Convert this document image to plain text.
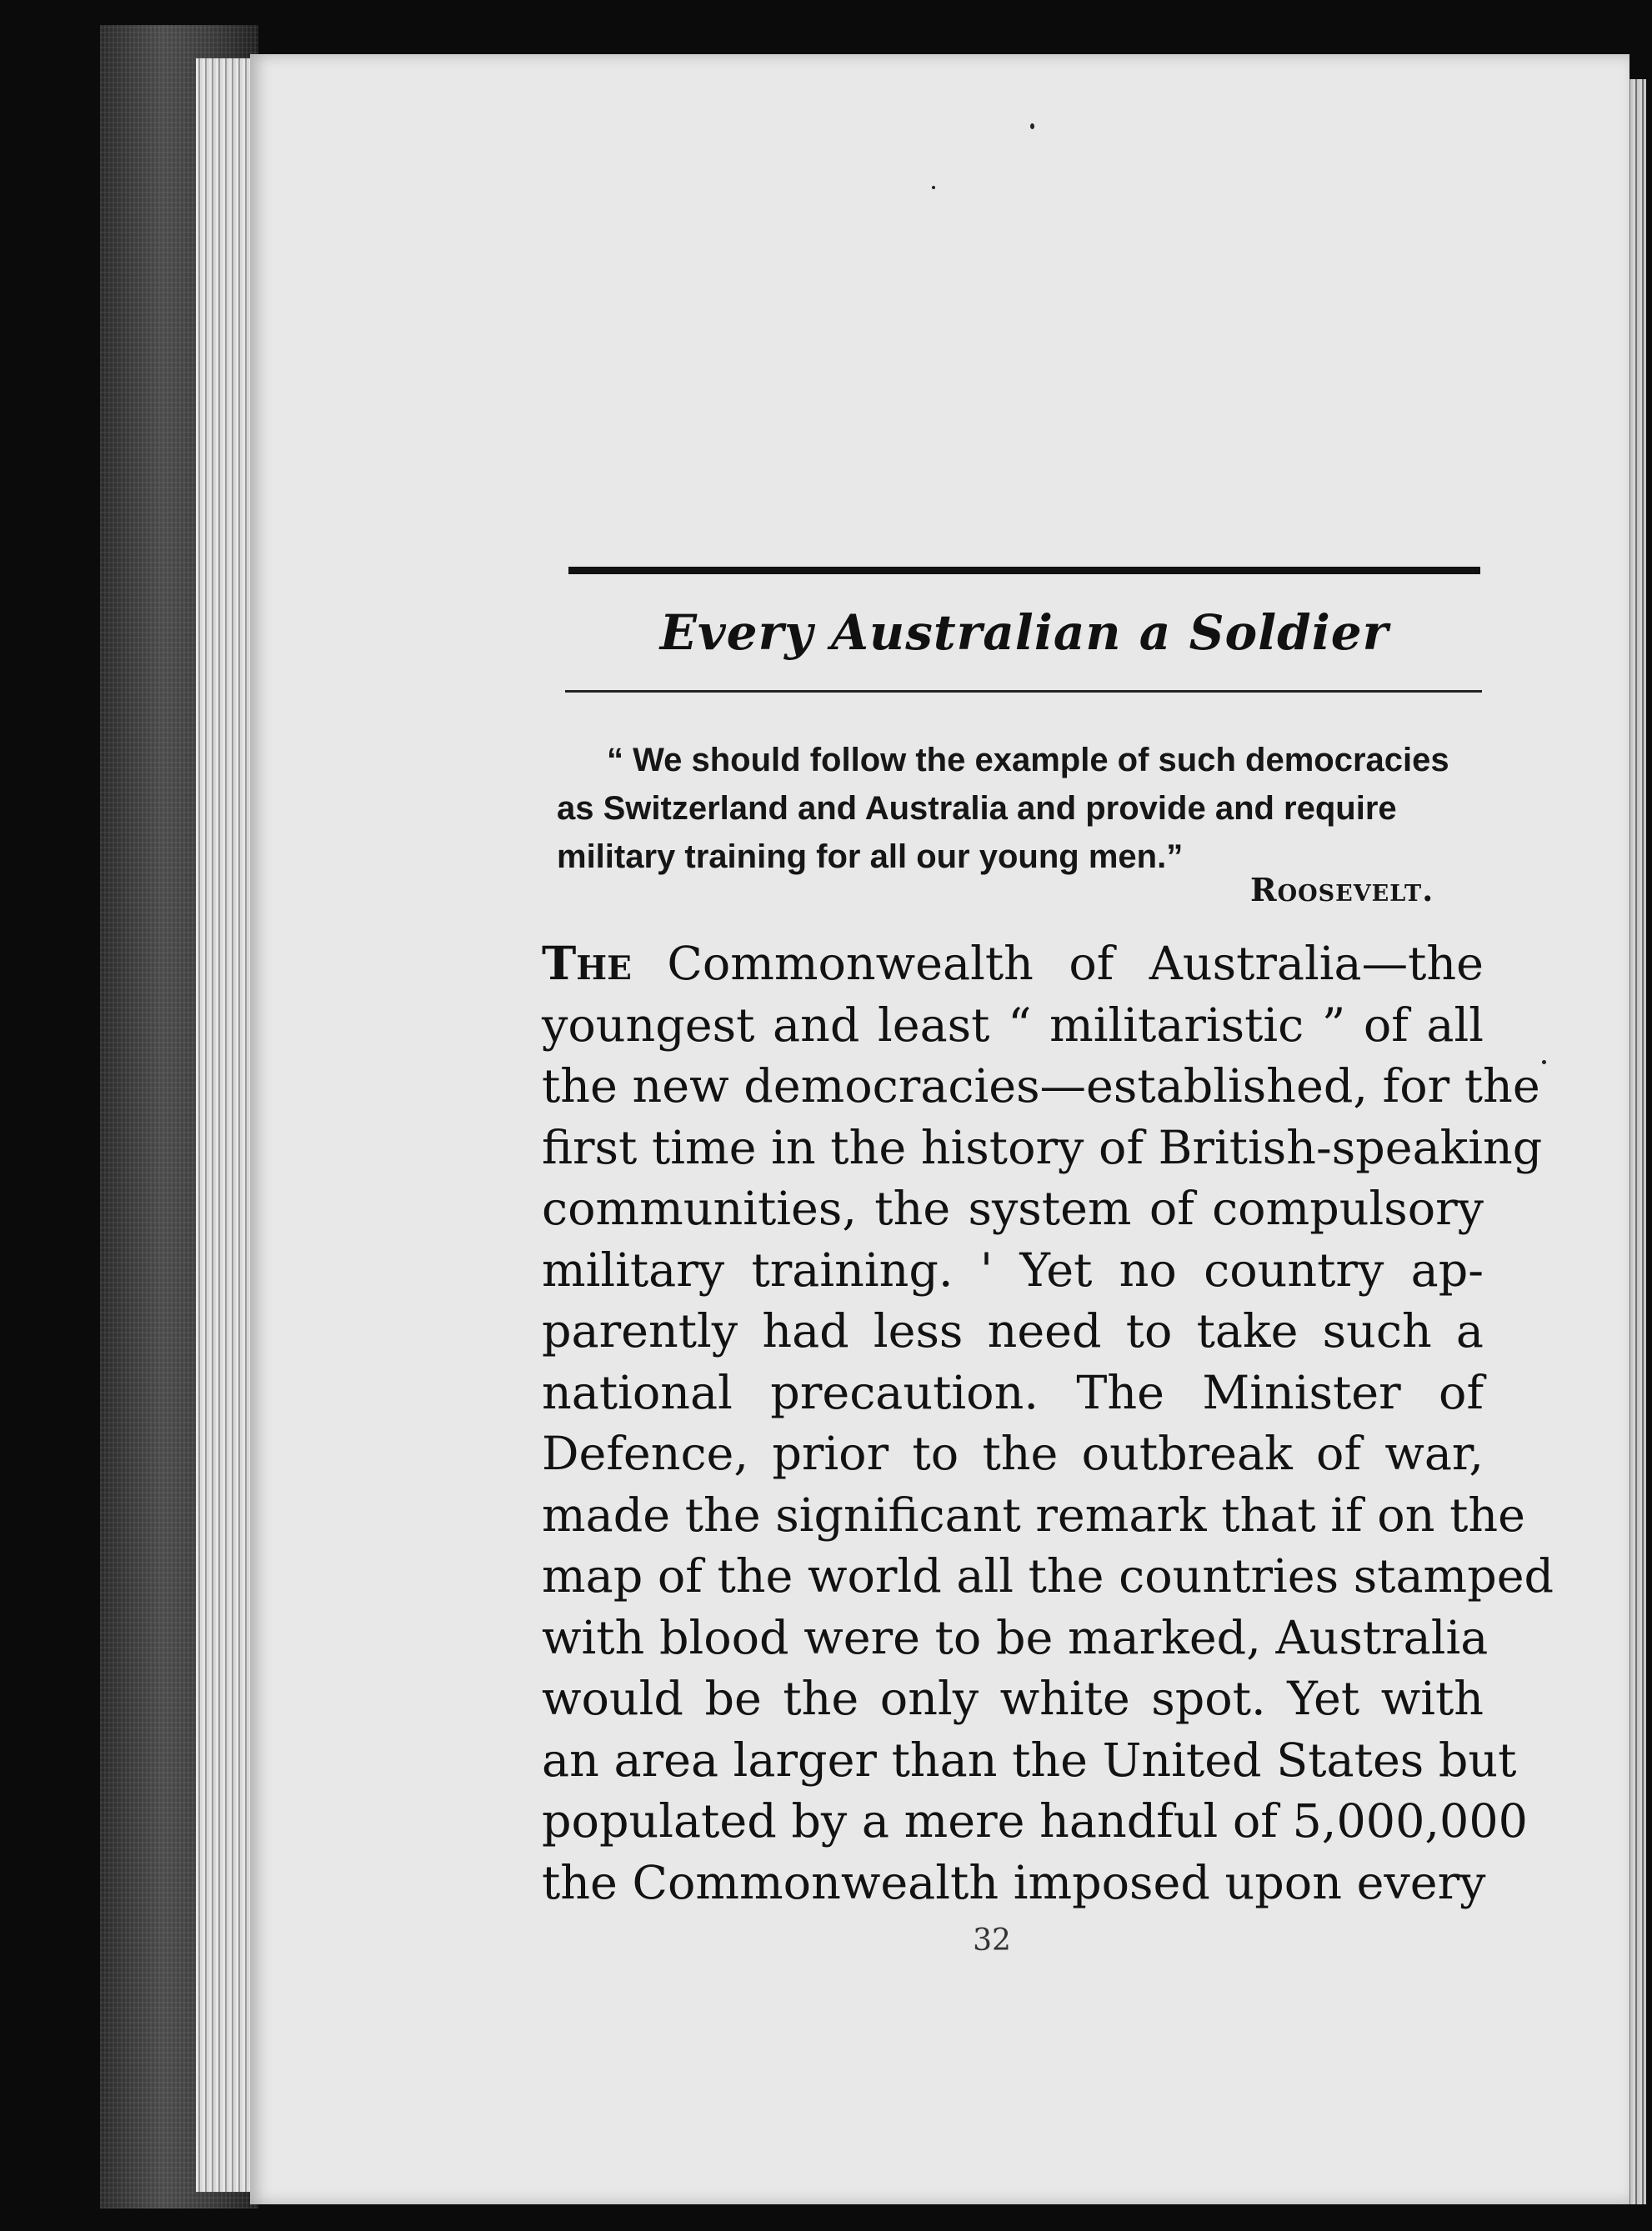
Every Australian a Soldier
“ We should follow the example of such democracies
as Switzerland and Australia and provide and require
military training for all our young men.”
Roosevelt.
The Commonwealth of Australia—the
youngest and least “ militaristic ” of all
the new democracies—established, for the
first time in the history of British-speaking
communities, the system of compulsory
military training. ' Yet no country ap-
parently had less need to take such a
national precaution. The Minister of
Defence, prior to the outbreak of war,
made the significant remark that if on the
map of the world all the countries stamped
with blood were to be marked, Australia
would be the only white spot. Yet with
an area larger than the United States but
populated by a mere handful of 5,000,000
the Commonwealth imposed upon every
32
